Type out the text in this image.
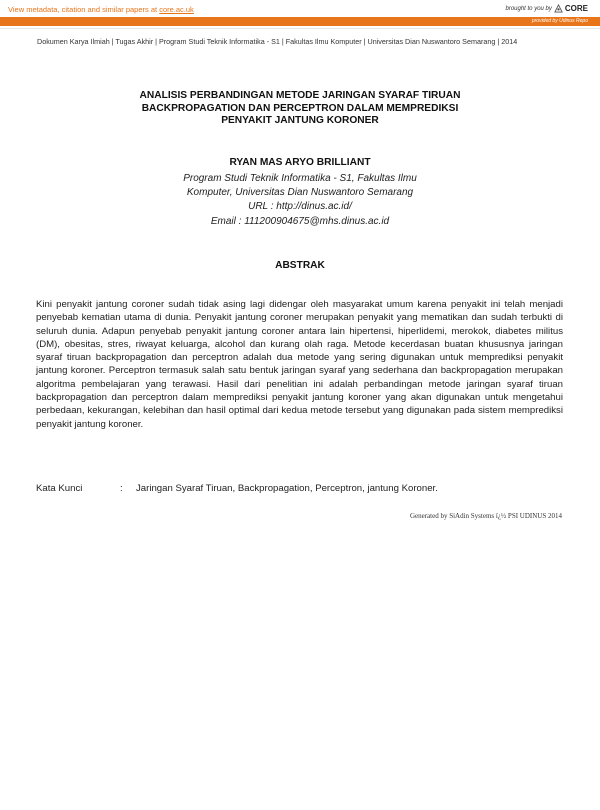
View metadata, citation and similar papers at core.ac.uk	brought to you by CORE
provided by Udinus Repo
Dokumen Karya Ilmiah | Tugas Akhir | Program Studi Teknik Informatika - S1 | Fakultas Ilmu Komputer | Universitas Dian Nuswantoro Semarang | 2014
ANALISIS PERBANDINGAN METODE JARINGAN SYARAF TIRUAN
BACKPROPAGATION DAN PERCEPTRON DALAM MEMPREDIKSI
PENYAKIT JANTUNG KORONER
RYAN MAS ARYO BRILLIANT
Program Studi Teknik Informatika - S1, Fakultas Ilmu
Komputer, Universitas Dian Nuswantoro Semarang
URL : http://dinus.ac.id/
Email : 111200904675@mhs.dinus.ac.id
ABSTRAK
Kini penyakit jantung coroner sudah tidak asing lagi didengar oleh masyarakat umum karena penyakit ini telah menjadi penyebab kematian utama di dunia. Penyakit jantung coroner merupakan penyakit yang mematikan dan sudah terbukti di seluruh dunia. Adapun penyebab penyakit jantung coroner antara lain hipertensi, hiperlidemi, merokok, diabetes militus (DM), obesitas, stres, riwayat keluarga, alcohol dan kurang olah raga. Metode kecerdasan buatan khususnya jaringan syaraf tiruan backpropagation dan perceptron adalah dua metode yang sering digunakan untuk memprediksi penyakit jantung koroner. Perceptron termasuk salah satu bentuk jaringan syaraf yang sederhana dan backpropagation merupakan algoritma pembelajaran yang terawasi. Hasil dari penelitian ini adalah perbandingan metode jaringan syaraf tiruan backpropagation dan perceptron dalam memprediksi penyakit jantung koroner yang akan digunakan untuk mengetahui perbedaan, kekurangan, kelebihan dan hasil optimal dari kedua metode tersebut yang digunakan pada sistem memprediksi penyakit jantung koroner.
Kata Kunci	: Jaringan Syaraf Tiruan, Backpropagation, Perceptron, jantung Koroner.
Generated by SiAdin Systems ï¿½ PSI UDINUS 2014
